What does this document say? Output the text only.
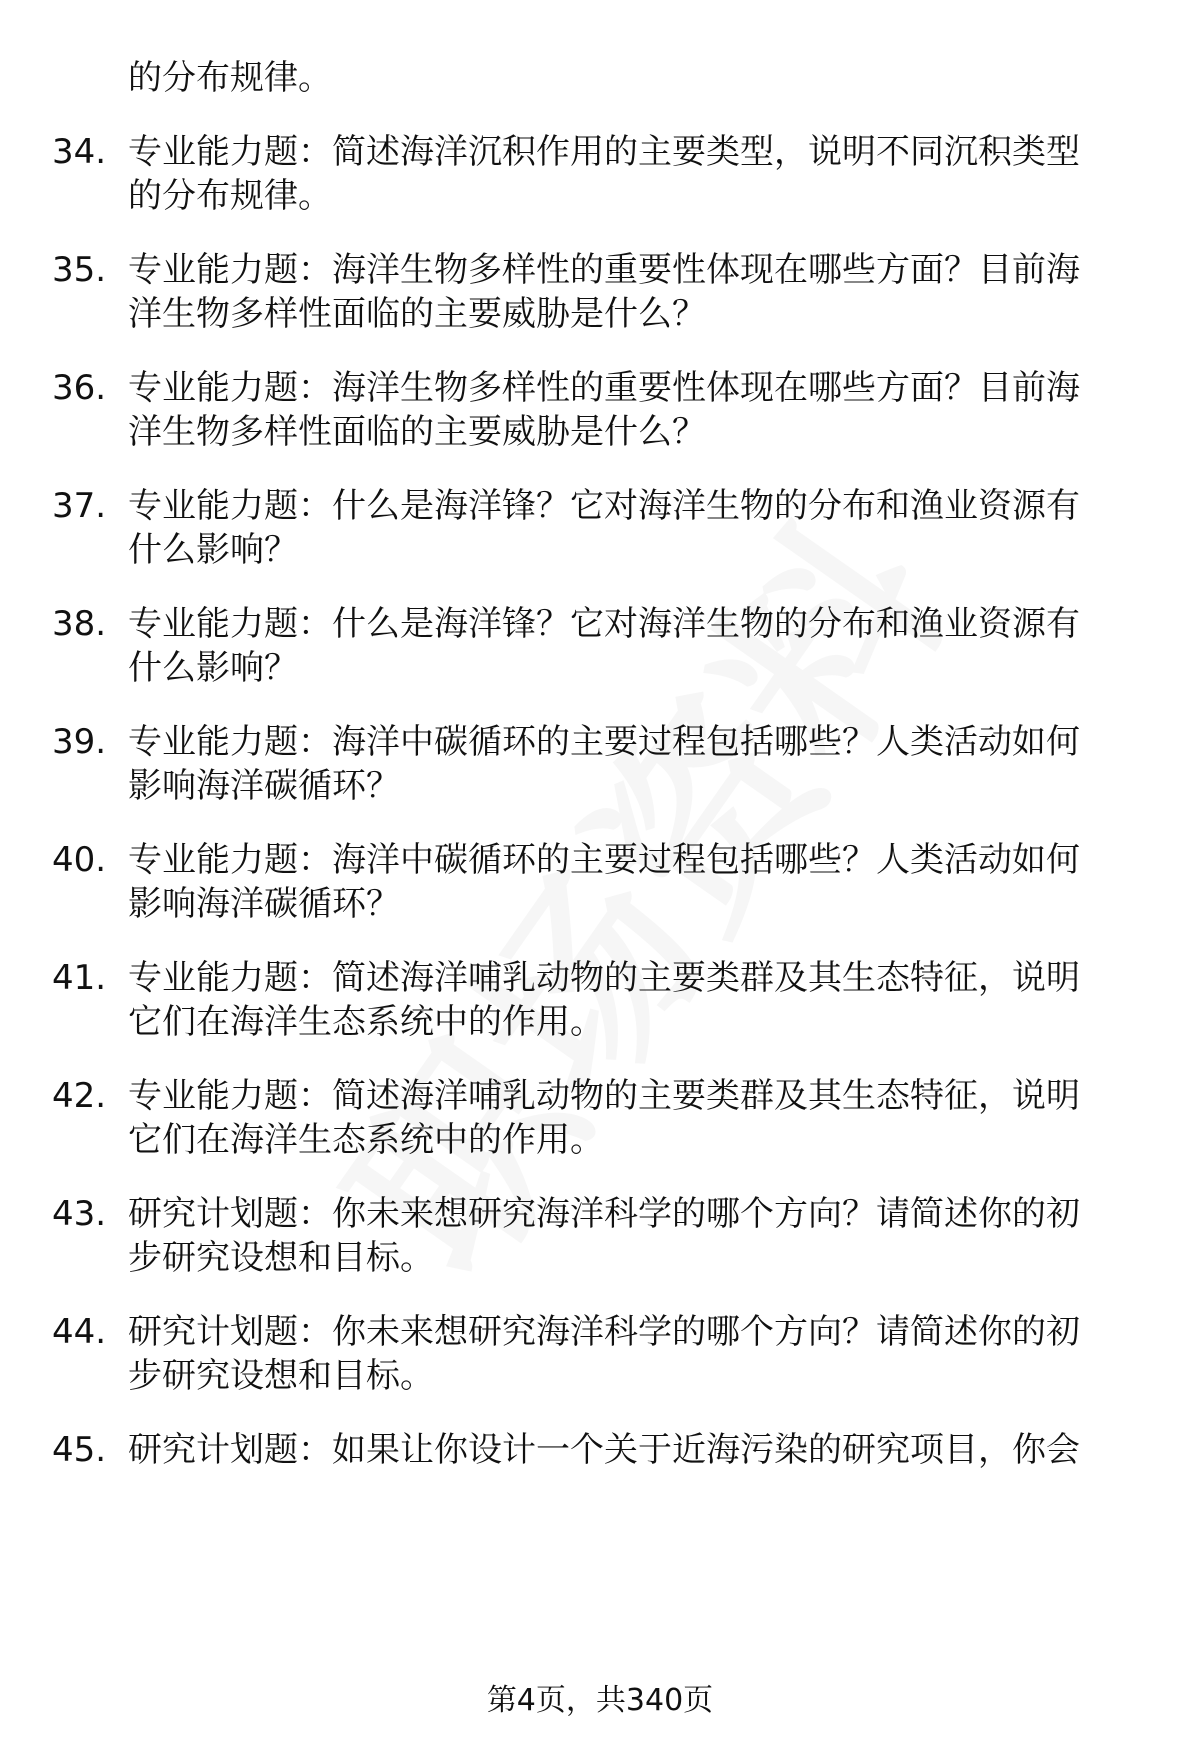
的分布规律。
34. 专业能力题：简述海洋沉积作用的主要类型，说明不同沉积类型
的分布规律。
35. 专业能力题：海洋生物多样性的重要性体现在哪些方面？目前海
洋生物多样性面临的主要威胁是什么？
36. 专业能力题：海洋生物多样性的重要性体现在哪些方面？目前海
洋生物多样性面临的主要威胁是什么？
37. 专业能力题：什么是海洋锋？它对海洋生物的分布和渔业资源有
什么影响？
38. 专业能力题：什么是海洋锋？它对海洋生物的分布和渔业资源有
什么影响？
39. 专业能力题：海洋中碳循环的主要过程包括哪些？人类活动如何
影响海洋碳循环？
40. 专业能力题：海洋中碳循环的主要过程包括哪些？人类活动如何
影响海洋碳循环？
41. 专业能力题：简述海洋哺乳动物的主要类群及其生态特征，说明
它们在海洋生态系统中的作用。
42. 专业能力题：简述海洋哺乳动物的主要类群及其生态特征，说明
它们在海洋生态系统中的作用。
43. 研究计划题：你未来想研究海洋科学的哪个方向？请简述你的初
步研究设想和目标。
44. 研究计划题：你未来想研究海洋科学的哪个方向？请简述你的初
步研究设想和目标。
45. 研究计划题：如果让你设计一个关于近海污染的研究项目，你会
第4页，共340页
